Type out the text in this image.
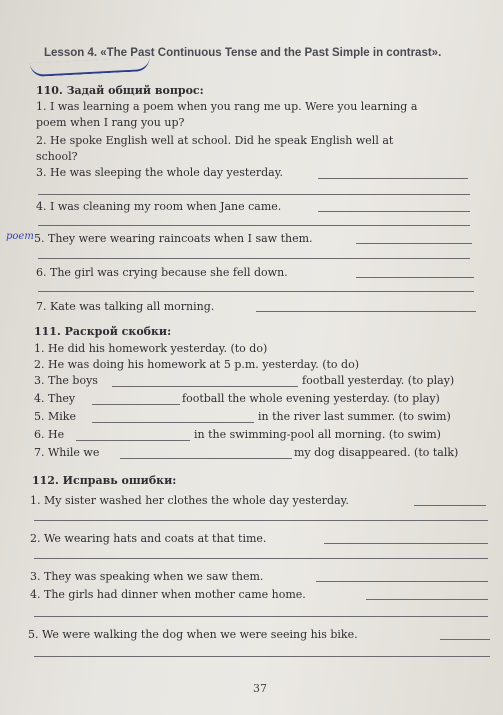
Lesson 4. «The Past Continuous Tense and the Past Simple in contrast».
110. Задай общий вопрос:
1. I was learning a poem when you rang me up. Were you learning a
poem when I rang you up?
2. He spoke English well at school. Did he speak English well at
school?
3. He was sleeping the whole day yesterday.
4. I was cleaning my room when Jane came.
poem 5. They were wearing raincoats when I saw them.
6. The girl was crying because she fell down.
7. Kate was talking all morning.
111. Раскрой скобки:
1. He did his homework yesterday. (to do)
2. He was doing his homework at 5 p.m. yesterday. (to do)
3. The boys	football yesterday. (to play)
4. They	football the whole evening yesterday. (to play)
5. Mike	in the river last summer. (to swim)
6. He	in the swimming-pool all morning. (to swim)
7. While we	my dog disappeared. (to talk)
112. Исправь ошибки:
1. My sister washed her clothes the whole day yesterday.
2. We wearing hats and coats at that time.
3. They was speaking when we saw them.
4. The girls had dinner when mother came home.
5. We were walking the dog when we were seeing his bike.
37
